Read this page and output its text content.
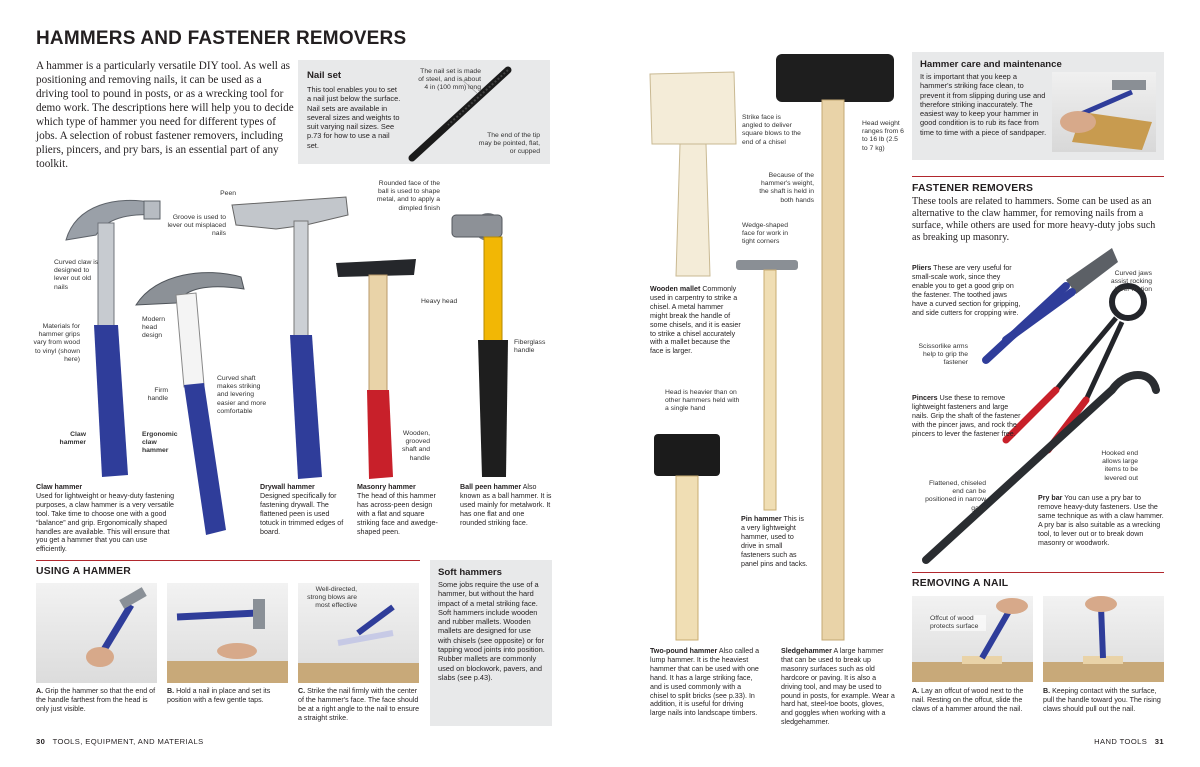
HAMMERS AND FASTENER REMOVERS
A hammer is a particularly versatile DIY tool. As well as positioning and removing nails, it can be used as a driving tool to pound in posts, or as a wrecking tool for demo work. The descriptions here will help you to decide which type of hammer you need for different types of jobs. A selection of robust fastener removers, including pliers, pincers, and pry bars, is an essential part of any toolkit.
Nail set
This tool enables you to set a nail just below the surface. Nail sets are available in several sizes and weights to suit varying nail sizes. See p.73 for how to use a nail set.
The nail set is made of steel, and is about 4 in (100 mm) long
The end of the tip may be pointed, flat, or cupped
Peen
Groove is used to lever out misplaced nails
Rounded face of the ball is used to shape metal, and to apply a dimpled finish
Curved claw is designed to lever out old nails
Materials for hammer grips vary from wood to vinyl (shown here)
Modern head design
Heavy head
Fiberglass handle
Firm handle
Curved shaft makes striking and levering easier and more comfortable
Wooden, grooved shaft and handle
Claw hammer
Ergonomic claw hammer
Claw hammer
Used for lightweight or heavy-duty fastening purposes, a claw hammer is a very versatile tool. Take time to choose one with a good “balance” and grip. Ergonomically shaped handles are available. This will ensure that you get a hammer that you can use efficiently.
Drywall hammer
Designed specifically for fastening drywall. The flattened peen is used totuck in trimmed edges of board.
Masonry hammer
The head of this hammer has across-peen design with a flat and square striking face and awedge-shaped peen.
Ball peen hammer Also known as a ball hammer. It is used mainly for metalwork. It has one flat and one rounded striking face.
USING A HAMMER
Well-directed, strong blows are most effective
A. Grip the hammer so that the end of the handle farthest from the head is only just visible.
B. Hold a nail in place and set its position with a few gentle taps.
C. Strike the nail firmly with the center of the hammer's face. The face should be at a right angle to the nail to ensure a straight strike.
Soft hammers
Some jobs require the use of a hammer, but without the hard impact of a metal striking face. Soft hammers include wooden and rubber mallets. Wooden mallets are designed for use with chisels (see opposite) or for tapping wood joints into position. Rubber mallets are commonly used on blockwork, pavers, and slabs (see p.43).
30 TOOLS, EQUIPMENT, AND MATERIALS
Strike face is angled to deliver square blows to the end of a chisel
Head weight ranges from 6 to 16 lb (2.5 to 7 kg)
Because of the hammer's weight, the shaft is held in both hands
Wedge-shaped face for work in tight corners
Head is heavier than on other hammers held with a single hand
Wooden mallet Commonly used in carpentry to strike a chisel. A metal hammer might break the handle of some chisels, and it is easier to strike a chisel accurately with a mallet because the face is larger.
Pin hammer This is a very lightweight hammer, used to drive in small fasteners such as panel pins and tacks.
Two-pound hammer Also called a lump hammer. It is the heaviest hammer that can be used with one hand. It has a large striking face, and is used commonly with a chisel to split bricks (see p.33). In addition, it is useful for driving large nails into landscape timbers.
Sledgehammer A large hammer that can be used to break up masonry surfaces such as old hardcore or paving. It is also a driving tool, and may be used to pound in posts, for example. Wear a hard hat, steel-toe boots, gloves, and goggles when working with a sledgehammer.
Hammer care and maintenance
It is important that you keep a hammer's striking face clean, to prevent it from slipping during use and therefore striking inaccurately. The easiest way to keep your hammer in good condition is to rub its face from time to time with a piece of sandpaper.
FASTENER REMOVERS
These tools are related to hammers. Some can be used as an alternative to the claw hammer, for removing nails from a surface, while others are used for more heavy-duty jobs such as breaking up masonry.
Curved jaws assist rocking lever motion
Scissorlike arms help to grip the fastener
Hooked end allows large items to be levered out
Flattened, chiseled end can be positioned in narrow gaps
Pliers These are very useful for small-scale work, since they enable you to get a good grip on the fastener. The toothed jaws have a curved section for gripping, and side cutters for cropping wire.
Pincers Use these to remove lightweight fasteners and large nails. Grip the shaft of the fastener with the pincer jaws, and rock the pincers to lever the fastener free.
Pry bar You can use a pry bar to remove heavy-duty fasteners. Use the same technique as with a claw hammer. A pry bar is also suitable as a wrecking tool, to lever out or to break down masonry or woodwork.
REMOVING A NAIL
Offcut of wood protects surface
A. Lay an offcut of wood next to the nail. Resting on the offcut, slide the claws of a hammer around the nail.
B. Keeping contact with the surface, pull the handle toward you. The rising claws should pull out the nail.
HAND TOOLS 31
